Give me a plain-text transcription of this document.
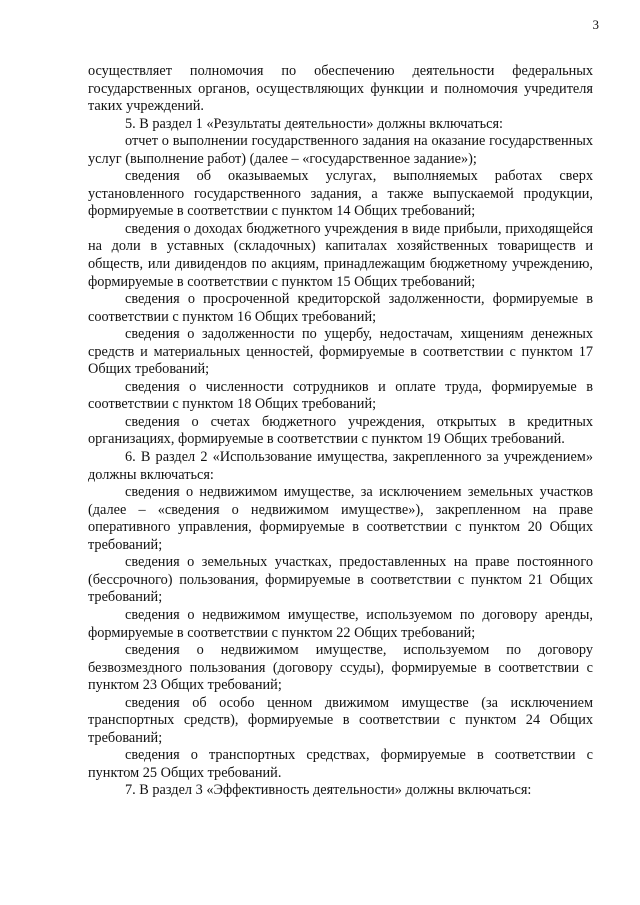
3

осуществляет полномочия по обеспечению деятельности федеральных государственных органов, осуществляющих функции и полномочия учредителя таких учреждений.

5. В раздел 1 «Результаты деятельности» должны включаться:

отчет о выполнении государственного задания на оказание государственных услуг (выполнение работ) (далее – «государственное задание»);

сведения об оказываемых услугах, выполняемых работах сверх установленного государственного задания, а также выпускаемой продукции, формируемые в соответствии с пунктом 14 Общих требований;

сведения о доходах бюджетного учреждения в виде прибыли, приходящейся на доли в уставных (складочных) капиталах хозяйственных товариществ и обществ, или дивидендов по акциям, принадлежащим бюджетному учреждению, формируемые в соответствии с пунктом 15 Общих требований;

сведения о просроченной кредиторской задолженности, формируемые в соответствии с пунктом 16 Общих требований;

сведения о задолженности по ущербу, недостачам, хищениям денежных средств и материальных ценностей, формируемые в соответствии с пунктом 17 Общих требований;

сведения о численности сотрудников и оплате труда, формируемые в соответствии с пунктом 18 Общих требований;

сведения о счетах бюджетного учреждения, открытых в кредитных организациях, формируемые в соответствии с пунктом 19 Общих требований.

6. В раздел 2 «Использование имущества, закрепленного за учреждением» должны включаться:

сведения о недвижимом имуществе, за исключением земельных участков (далее – «сведения о недвижимом имуществе»), закрепленном на праве оперативного управления, формируемые в соответствии с пунктом 20 Общих требований;

сведения о земельных участках, предоставленных на праве постоянного (бессрочного) пользования, формируемые в соответствии с пунктом 21 Общих требований;

сведения о недвижимом имуществе, используемом по договору аренды, формируемые в соответствии с пунктом 22 Общих требований;

сведения о недвижимом имуществе, используемом по договору безвозмездного пользования (договору ссуды), формируемые в соответствии с пунктом 23 Общих требований;

сведения об особо ценном движимом имуществе (за исключением транспортных средств), формируемые в соответствии с пунктом 24 Общих требований;

сведения о транспортных средствах, формируемые в соответствии с пунктом 25 Общих требований.

7. В раздел 3 «Эффективность деятельности» должны включаться:
